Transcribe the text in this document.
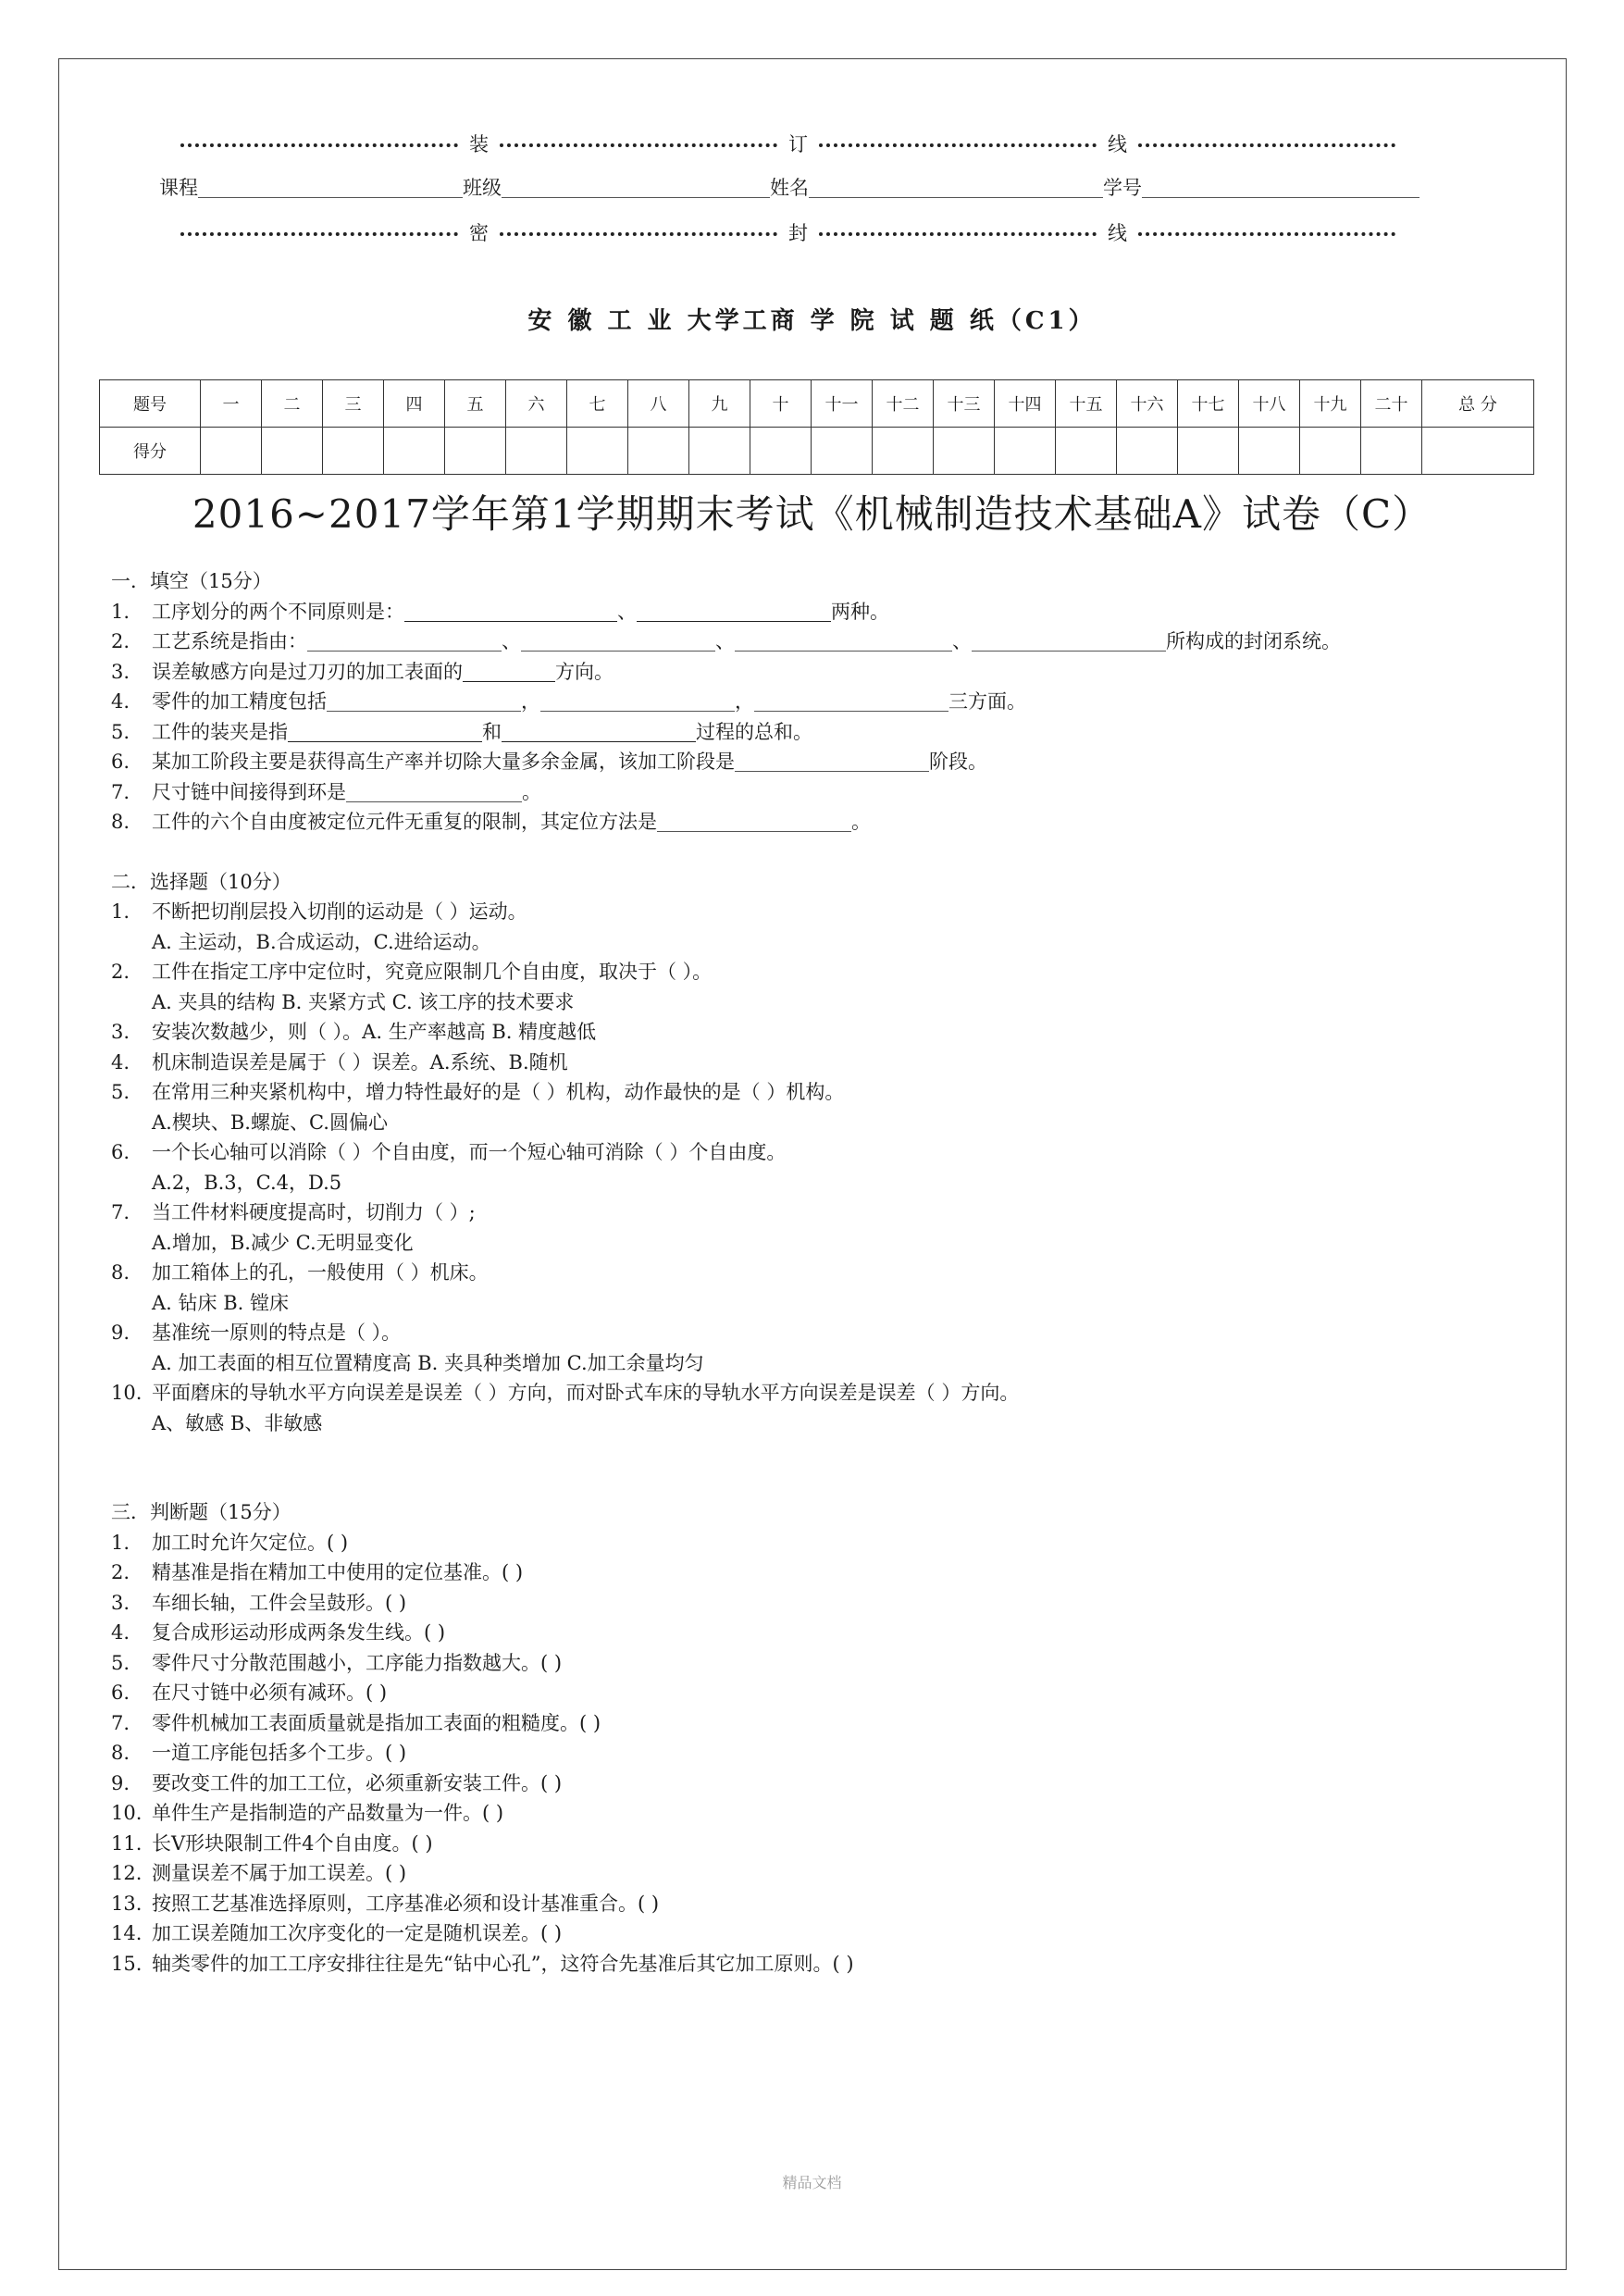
装	订	线
课程	班级	姓名	学号
密	封	线
安 徽 工 业 大学工商 学 院 试 题 纸（C1）
题号	一	二	三	四	五	六	七	八	九	十	十一	十二	十三	十四	十五	十六	十七	十八	十九	二十	总 分
得分																					
2016~2017学年第1学期期末考试《机械制造技术基础A》试卷（C）

一．填空（15分）

1. 工序划分的两个不同原则是：	、	两种。

2. 工艺系统是指由：	、	、	、	所构成的封闭系统。

3. 误差敏感方向是过刀刃的加工表面的	方向。

4. 零件的加工精度包括	，	，	三方面。

5. 工件的装夹是指	和	过程的总和。

6. 某加工阶段主要是获得高生产率并切除大量多余金属，该加工阶段是	阶段。

7. 尺寸链中间接得到环是	。

8. 工件的六个自由度被定位元件无重复的限制，其定位方法是	。

二．选择题（10分）

1. 不断把切削层投入切削的运动是（ ）运动。

A. 主运动，B.合成运动，C.进给运动。

2. 工件在指定工序中定位时，究竟应限制几个自由度，取决于（ ）。

A. 夹具的结构 B. 夹紧方式 C. 该工序的技术要求

3. 安装次数越少，则（ ）。A. 生产率越高 B. 精度越低

4. 机床制造误差是属于（ ）误差。A.系统、B.随机

5. 在常用三种夹紧机构中，增力特性最好的是（ ）机构，动作最快的是（ ）机构。

A.楔块、B.螺旋、C.圆偏心

6. 一个长心轴可以消除（ ）个自由度，而一个短心轴可消除（ ）个自由度。

A.2，B.3，C.4，D.5

7. 当工件材料硬度提高时，切削力（ ）;

A.增加，B.减少 C.无明显变化

8. 加工箱体上的孔，一般使用（ ）机床。

A. 钻床 B. 镗床

9. 基准统一原则的特点是（ ）。

A. 加工表面的相互位置精度高 B. 夹具种类增加 C.加工余量均匀

10. 平面磨床的导轨水平方向误差是误差（ ）方向，而对卧式车床的导轨水平方向误差是误差（ ）方向。

A、敏感 B、非敏感

三．判断题（15分）

1. 加工时允许欠定位。( )

2. 精基准是指在精加工中使用的定位基准。( )

3. 车细长轴，工件会呈鼓形。( )

4. 复合成形运动形成两条发生线。( )

5. 零件尺寸分散范围越小，工序能力指数越大。( )

6. 在尺寸链中必须有减环。( )

7. 零件机械加工表面质量就是指加工表面的粗糙度。( )

8. 一道工序能包括多个工步。( )

9. 要改变工件的加工工位，必须重新安装工件。( )

10. 单件生产是指制造的产品数量为一件。( )

11. 长V形块限制工件4个自由度。( )

12. 测量误差不属于加工误差。( )

13. 按照工艺基准选择原则，工序基准必须和设计基准重合。( )

14. 加工误差随加工次序变化的一定是随机误差。( )

15. 轴类零件的加工工序安排往往是先“钻中心孔”，这符合先基准后其它加工原则。( )

精品文档
